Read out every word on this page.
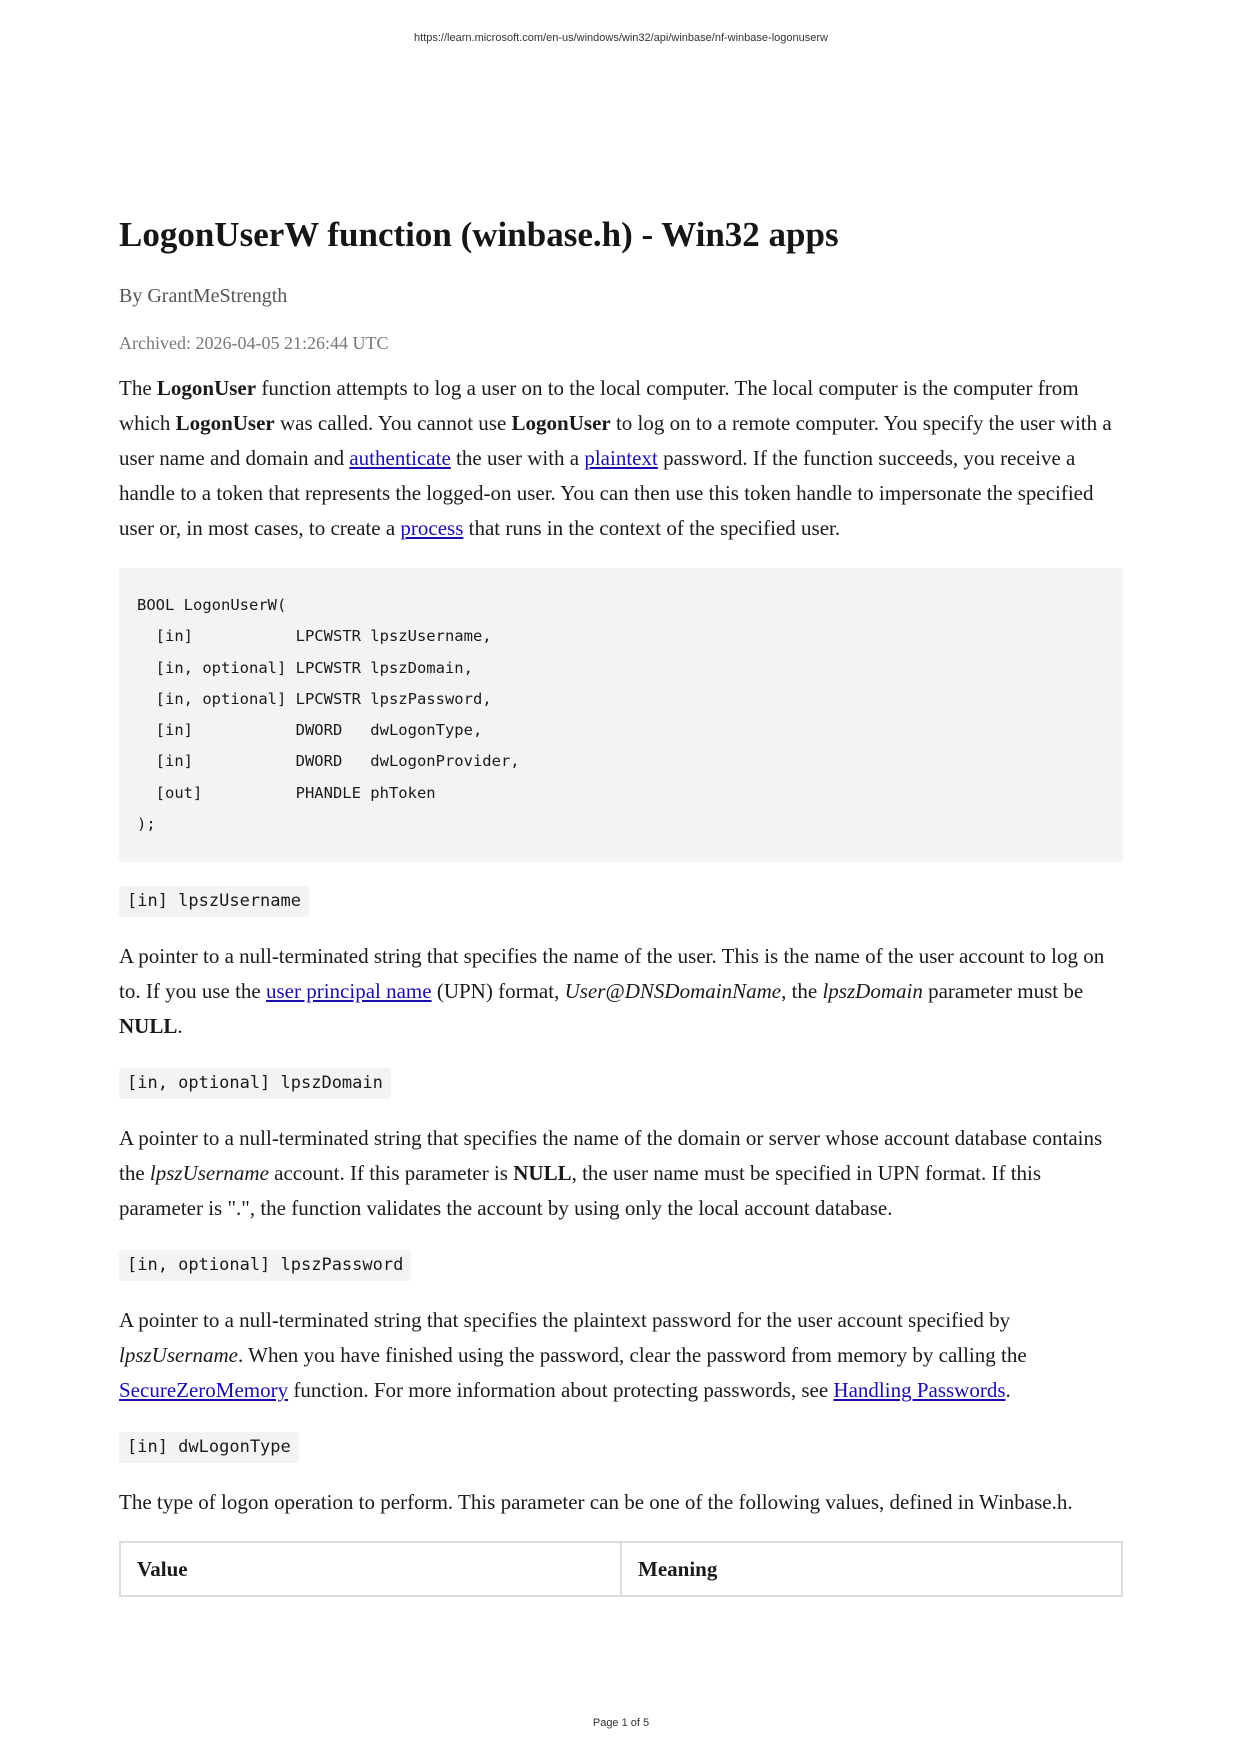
https://learn.microsoft.com/en-us/windows/win32/api/winbase/nf-winbase-logonuserw
LogonUserW function (winbase.h) - Win32 apps
By GrantMeStrength
Archived: 2026-04-05 21:26:44 UTC

The LogonUser function attempts to log a user on to the local computer. The local computer is the computer from which LogonUser was called. You cannot use LogonUser to log on to a remote computer. You specify the user with a user name and domain and authenticate the user with a plaintext password. If the function succeeds, you receive a handle to a token that represents the logged-on user. You can then use this token handle to impersonate the specified user or, in most cases, to create a process that runs in the context of the specified user.

BOOL LogonUserW(
[in]           LPCWSTR lpszUsername,
[in, optional] LPCWSTR lpszDomain,
[in, optional] LPCWSTR lpszPassword,
[in]           DWORD   dwLogonType,
[in]           DWORD   dwLogonProvider,
[out]          PHANDLE phToken
);
[in] lpszUsername

A pointer to a null-terminated string that specifies the name of the user. This is the name of the user account to log on to. If you use the user principal name (UPN) format, User@DNSDomainName, the lpszDomain parameter must be NULL.

[in, optional] lpszDomain

A pointer to a null-terminated string that specifies the name of the domain or server whose account database contains the lpszUsername account. If this parameter is NULL, the user name must be specified in UPN format. If this parameter is ".", the function validates the account by using only the local account database.

[in, optional] lpszPassword

A pointer to a null-terminated string that specifies the plaintext password for the user account specified by lpszUsername. When you have finished using the password, clear the password from memory by calling the SecureZeroMemory function. For more information about protecting passwords, see Handling Passwords.

[in] dwLogonType

The type of logon operation to perform. This parameter can be one of the following values, defined in Winbase.h.

Value	Meaning
Page 1 of 5
